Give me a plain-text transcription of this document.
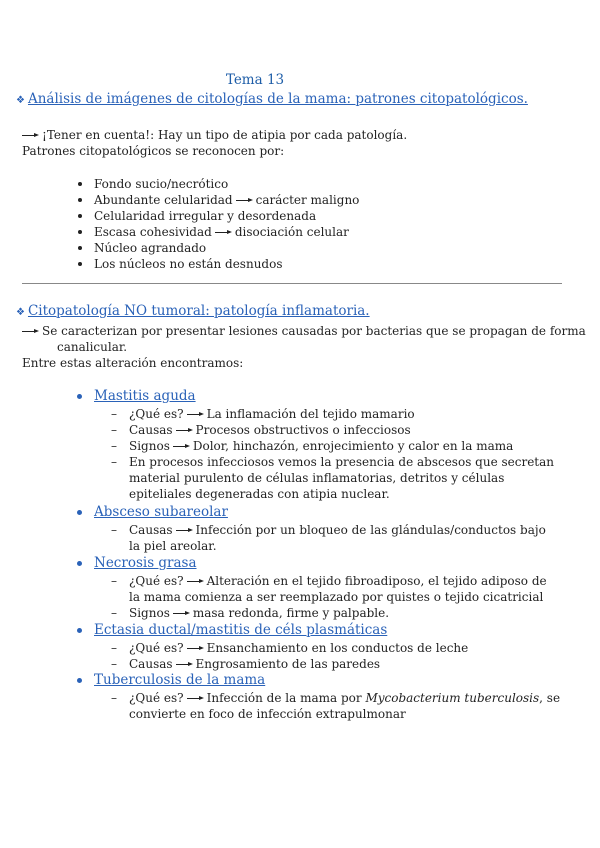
Tema 13
❖ Análisis de imágenes de citologías de la mama: patrones citopatológicos.
¡Tener en cuenta!: Hay un tipo de atipia por cada patología.
Patrones citopatológicos se reconocen por:
Fondo sucio/necrótico
Abundante celularidad carácter maligno
Celularidad irregular y desordenada
Escasa cohesividad disociación celular
Núcleo agrandado
Los núcleos no están desnudos
❖ Citopatología NO tumoral: patología inflamatoria.
Se caracterizan por presentar lesiones causadas por bacterias que se propagan de forma
canalicular.
Entre estas alteración encontramos:
Mastitis aguda
– ¿Qué es? La inflamación del tejido mamario
– Causas Procesos obstructivos o infecciosos
– Signos Dolor, hinchazón, enrojecimiento y calor en la mama
– En procesos infecciosos vemos la presencia de abscesos que secretan
material purulento de células inflamatorias, detritos y células
epiteliales degeneradas con atipia nuclear.
Absceso subareolar
– Causas Infección por un bloqueo de las glándulas/conductos bajo
la piel areolar.
Necrosis grasa
– ¿Qué es? Alteración en el tejido fibroadiposo, el tejido adiposo de
la mama comienza a ser reemplazado por quistes o tejido cicatricial
– Signos masa redonda, firme y palpable.
Ectasia ductal/mastitis de céls plasmáticas
– ¿Qué es? Ensanchamiento en los conductos de leche
– Causas Engrosamiento de las paredes
Tuberculosis de la mama
– ¿Qué es? Infección de la mama por Mycobacterium tuberculosis, se
convierte en foco de infección extrapulmonar
